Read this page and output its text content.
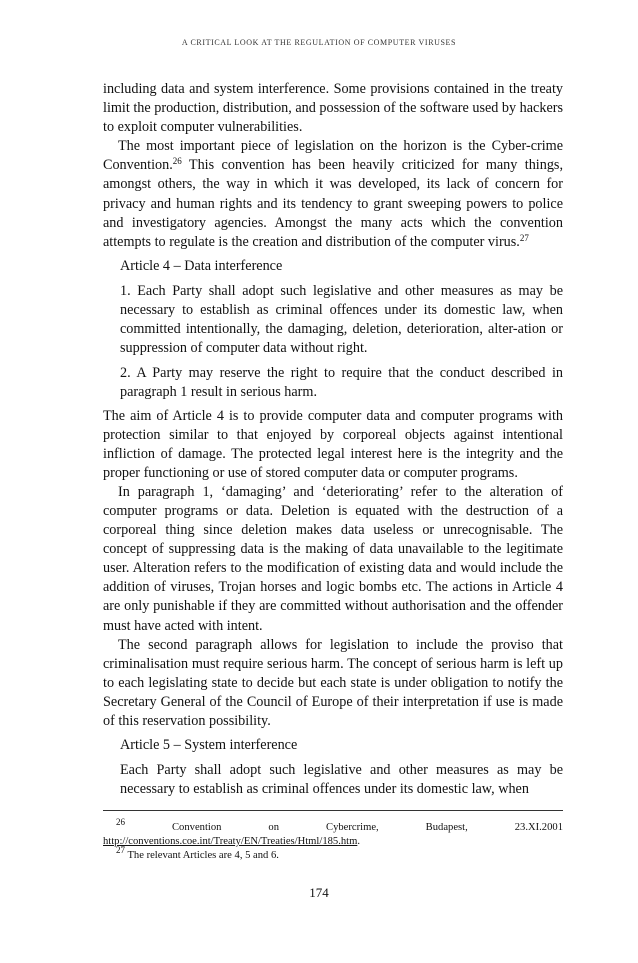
A CRITICAL LOOK AT THE REGULATION OF COMPUTER VIRUSES

including data and system interference. Some provisions contained in the treaty limit the production, distribution, and possession of the software used by hackers to exploit computer vulnerabilities.

The most important piece of legislation on the horizon is the Cyber-crime Convention.$^{26}$ This convention has been heavily criticized for many things, amongst others, the way in which it was developed, its lack of concern for privacy and human rights and its tendency to grant sweeping powers to police and investigatory agencies. Amongst the many acts which the convention attempts to regulate is the creation and distribution of the computer virus.$^{27}$

Article 4 – Data interference

1. Each Party shall adopt such legislative and other measures as may be necessary to establish as criminal offences under its domestic law, when committed intentionally, the damaging, deletion, deterioration, alter-ation or suppression of computer data without right.

2. A Party may reserve the right to require that the conduct described in paragraph 1 result in serious harm.

The aim of Article 4 is to provide computer data and computer programs with protection similar to that enjoyed by corporeal objects against intentional infliction of damage. The protected legal interest here is the integrity and the proper functioning or use of stored computer data or computer programs.

In paragraph 1, ‘damaging’ and ‘deteriorating’ refer to the alteration of computer programs or data. Deletion is equated with the destruction of a corporeal thing since deletion makes data useless or unrecognisable. The concept of suppressing data is the making of data unavailable to the legitimate user. Alteration refers to the modification of existing data and would include the addition of viruses, Trojan horses and logic bombs etc. The actions in Article 4 are only punishable if they are committed without authorisation and the offender must have acted with intent.

The second paragraph allows for legislation to include the proviso that criminalisation must require serious harm. The concept of serious harm is left up to each legislating state to decide but each state is under obligation to notify the Secretary General of the Council of Europe of their interpretation if use is made of this reservation possibility.

Article 5 – System interference

Each Party shall adopt such legislative and other measures as may be necessary to establish as criminal offences under its domestic law, when

$^{26}$ Convention on Cybercrime, Budapest, 23.XI.2001 http://conventions.coe.int/Treaty/EN/Treaties/Html/185.htm.

$^{27}$ The relevant Articles are 4, 5 and 6.

174
